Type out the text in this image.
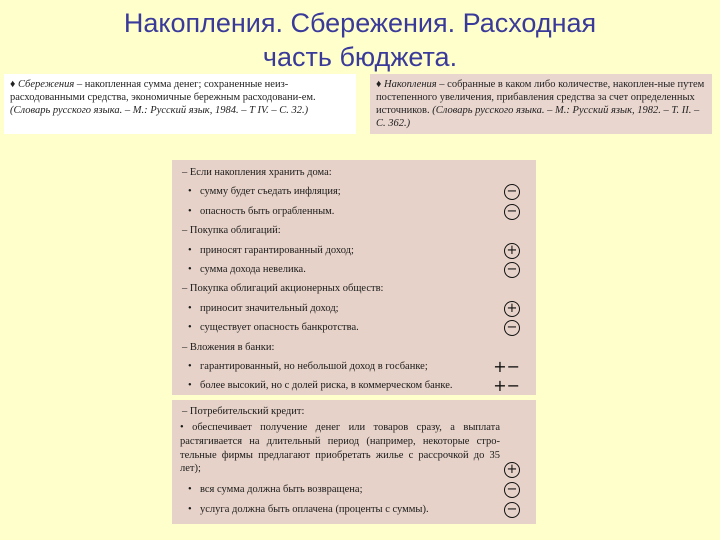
Накопления. Сбережения. Расходная
часть бюджета.
♦ Сбережения – накопленная сумма денег; сохраненные неиз-расходованными средства, экономичные бережным расходовани-ем. (Словарь русского языка. – М.: Русский язык, 1984. – Т IV. – С. 32.)
♦ Накопления – собранные в каком либо количестве, накоплен-ные путем постепенного увеличения, прибавления средства за счет определенных источников. (Словарь русского языка. – М.: Русский язык, 1982. – Т. II. – С. 362.)
– Если накопления хранить дома:
• сумму будет съедать инфляция;	−
• опасность быть ограбленным.	−
– Покупка облигаций:
• приносят гарантированный доход;	+
• сумма дохода невелика.	−
– Покупка облигаций акционерных обществ:
• приносит значительный доход;	+
• существует опасность банкротства.	−
– Вложения в банки:
• гарантированный, но небольшой доход в госбанке;	+−
• более высокий, но с долей риска, в коммерческом банке.	+−
– Потребительский кредит:
• обеспечивает получение денег или товаров сразу, а выплата растягивается на длительный период (например, некоторые стро-тельные фирмы предлагают приобретать жилье с рассрочкой до 35 лет);	+
• вся сумма должна быть возвращена;	−
• услуга должна быть оплачена (проценты с суммы).	−
